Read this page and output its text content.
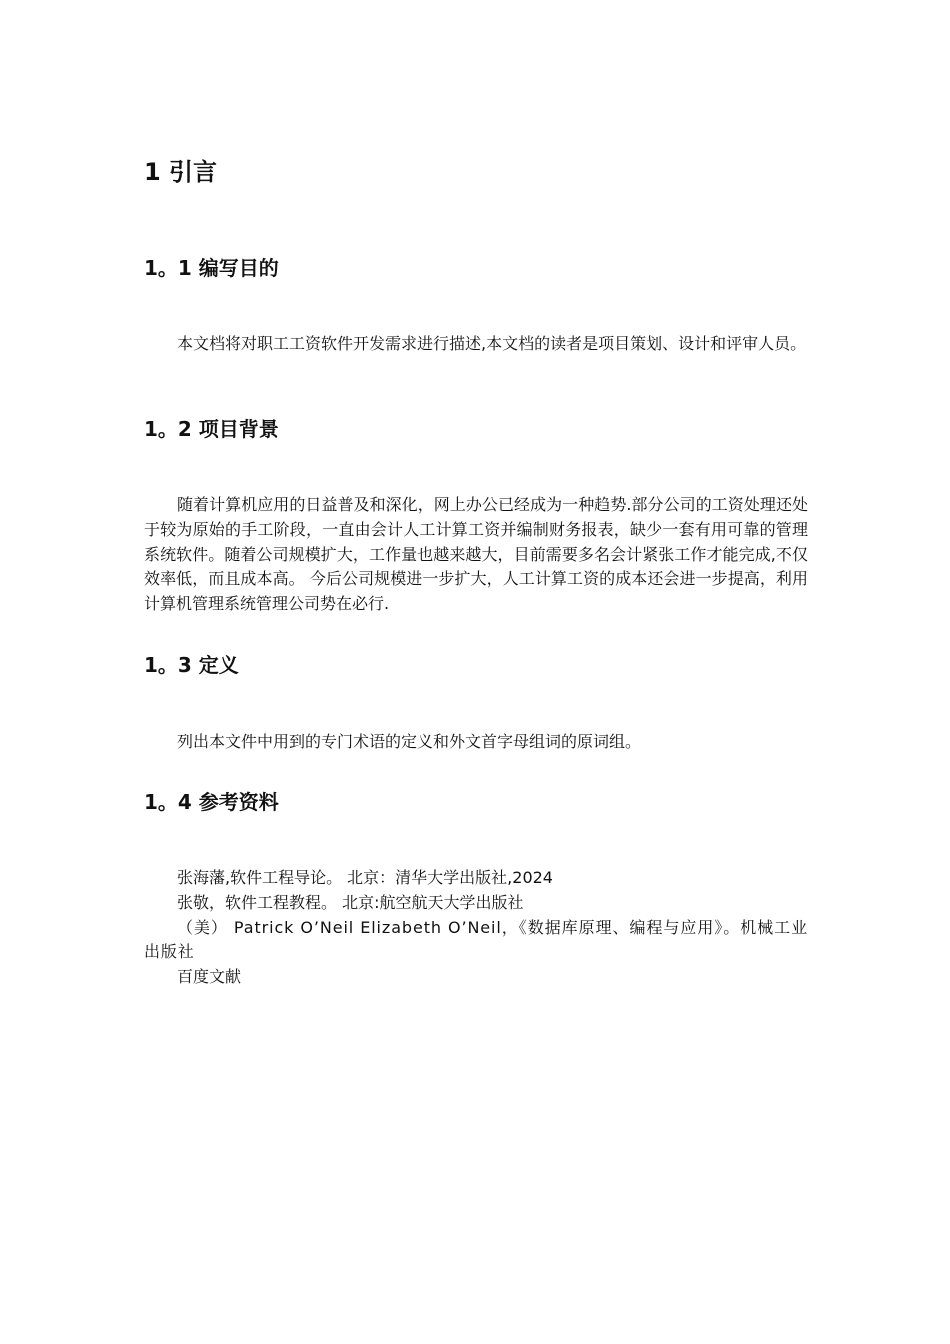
1 引言
1。1 编写目的

本文档将对职工工资软件开发需求进行描述,本文档的读者是项目策划、设计和评审人员。

1。2 项目背景

随着计算机应用的日益普及和深化，网上办公已经成为一种趋势.部分公司的工资处理还处于较为原始的手工阶段，一直由会计人工计算工资并编制财务报表，缺少一套有用可靠的管理系统软件。随着公司规模扩大，工作量也越来越大，目前需要多名会计紧张工作才能完成,不仅效率低，而且成本高。 今后公司规模进一步扩大，人工计算工资的成本还会进一步提高，利用计算机管理系统管理公司势在必行.

1。3 定义

列出本文件中用到的专门术语的定义和外文首字母组词的原词组。

1。4 参考资料
张海藩,软件工程导论。 北京：清华大学出版社,2024
张敬，软件工程教程。 北京:航空航天大学出版社
（美） Patrick O’Neil Elizabeth O’Neil，《数据库原理、编程与应用》。机械工业出版社
百度文献
